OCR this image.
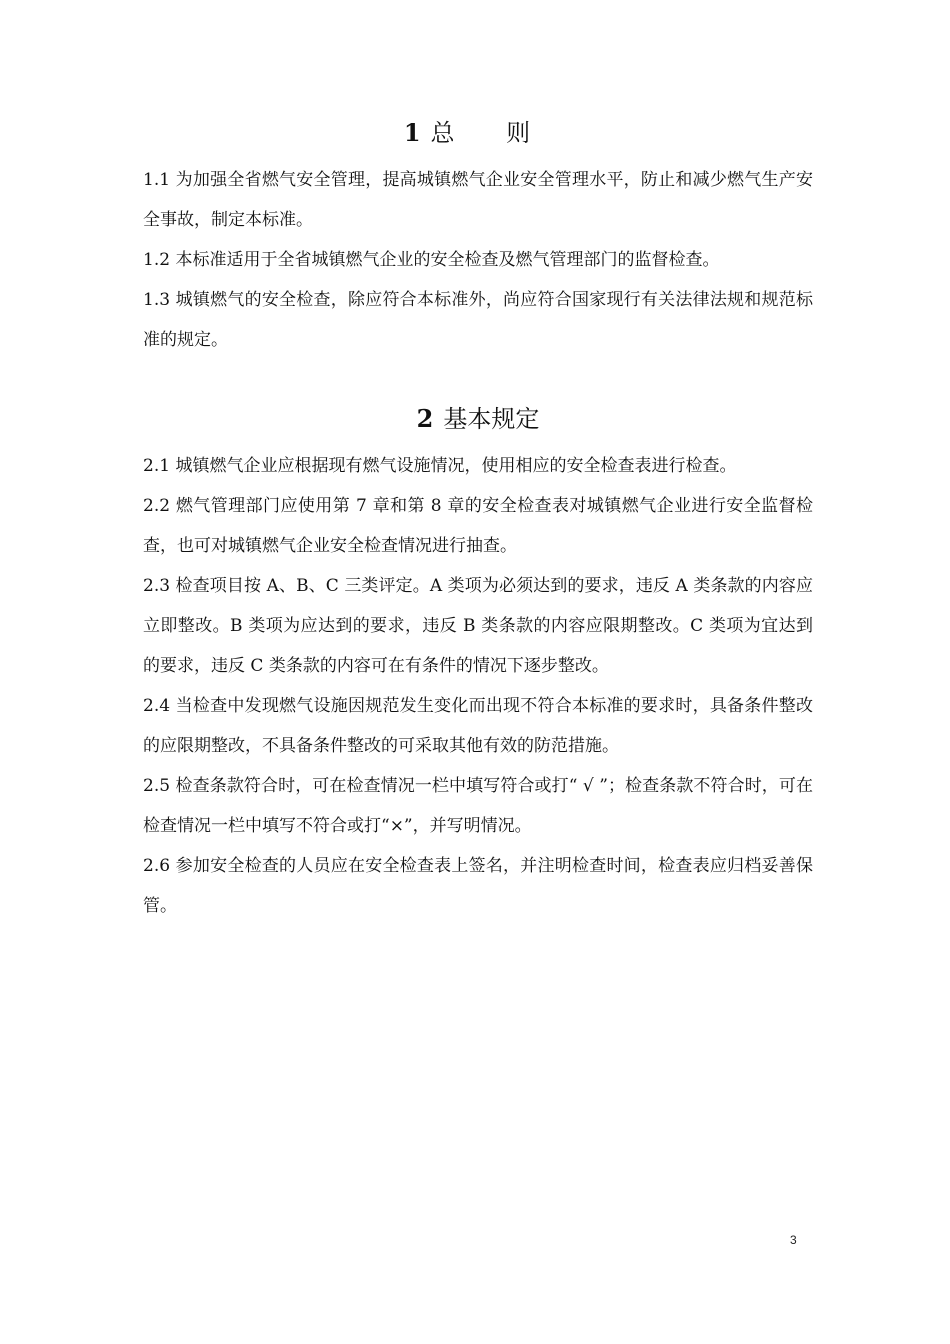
1 总 则

1.1 为加强全省燃气安全管理，提高城镇燃气企业安全管理水平，防止和减少燃气生产安全事故，制定本标准。

1.2 本标准适用于全省城镇燃气企业的安全检查及燃气管理部门的监督检查。

1.3 城镇燃气的安全检查，除应符合本标准外，尚应符合国家现行有关法律法规和规范标准的规定。

2 基本规定

2.1 城镇燃气企业应根据现有燃气设施情况，使用相应的安全检查表进行检查。

2.2 燃气管理部门应使用第 7 章和第 8 章的安全检查表对城镇燃气企业进行安全监督检查，也可对城镇燃气企业安全检查情况进行抽查。

2.3 检查项目按 A、B、C 三类评定。A 类项为必须达到的要求，违反 A 类条款的内容应立即整改。B 类项为应达到的要求，违反 B 类条款的内容应限期整改。C 类项为宜达到的要求，违反 C 类条款的内容可在有条件的情况下逐步整改。

2.4 当检查中发现燃气设施因规范发生变化而出现不符合本标准的要求时，具备条件整改的应限期整改，不具备条件整改的可采取其他有效的防范措施。

2.5 检查条款符合时，可在检查情况一栏中填写符合或打“ √ ”；检查条款不符合时，可在检查情况一栏中填写不符合或打“×”，并写明情况。

2.6 参加安全检查的人员应在安全检查表上签名，并注明检查时间，检查表应归档妥善保管。

3
